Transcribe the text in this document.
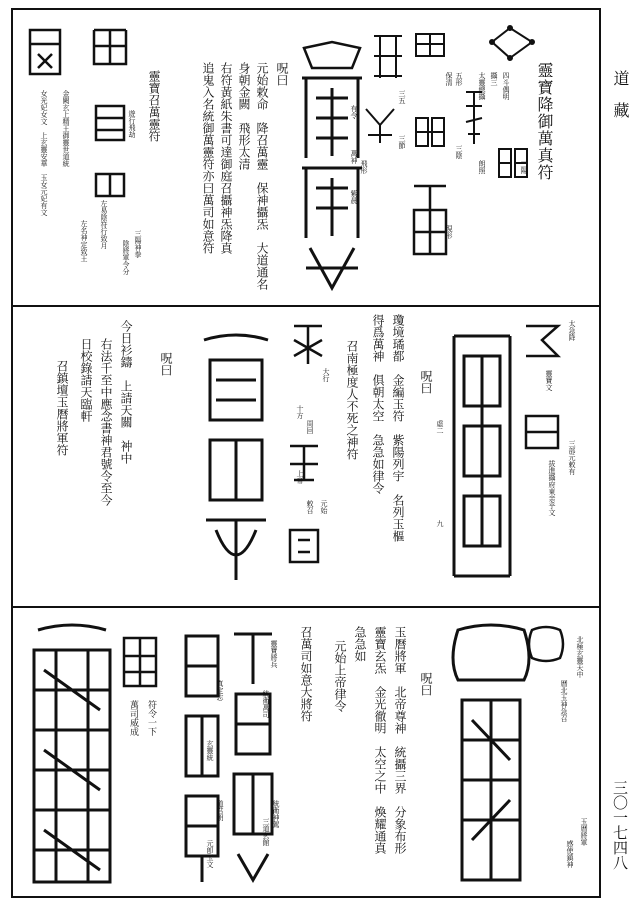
道　藏
三〇一七四八
靈寶降御萬真符
四斗偶明
攝三
太靈總攝
三陽
朗照
五形
保清
三陰
現形
三五
三節
飛形
有令
萬神
紫晨
呪曰
元始敕命　降召萬靈　保神攝炁　大道通名
身朝金闕　飛形太清
右符黃紙朱書可達御庭召攝神炁降真
追鬼入名統御萬靈符亦曰萬司如意符
靈寶召萬靈符
遊行飛劫
左名神定致王 左易陰符行致月
陰將軍令分 三陽神拳
金闕玄上精王御靈世道統
女光妃女文　上玄靈安華　玉女元妃有文
太急降
靈寶文
三部元敕有
拔進攝府東亲乎文
呪曰
虛二
九
瓊境璚都　金編玉符　紫陽列宇　名列玉樞
得爲萬神　俱朝太空　急急如律令
召南極度人不死之神符
大行
周回
元始
敕召
十方
上帝
呪曰
今日衫鑄　上請天關　衶中
右法千至中應念書神君號令至今
日校錄請天臨軒
召鎮壇玉曆將軍符
北極玄靈天中
曆北玉神急召
玉曆將軍
感使鎮神
呪曰
玉曆將軍　北帝尊神　統攝三界　分象布形
靈寶玄炁　金光徹明　太空之中　煥耀通真
急急如
元始上帝律令
召萬司如意大將符
靈寶將兵
統衛萬司
統衛神駕
三道玄館
真定志
玄靈統
道君朝
元卽玉文
符令一下
萬司威成
